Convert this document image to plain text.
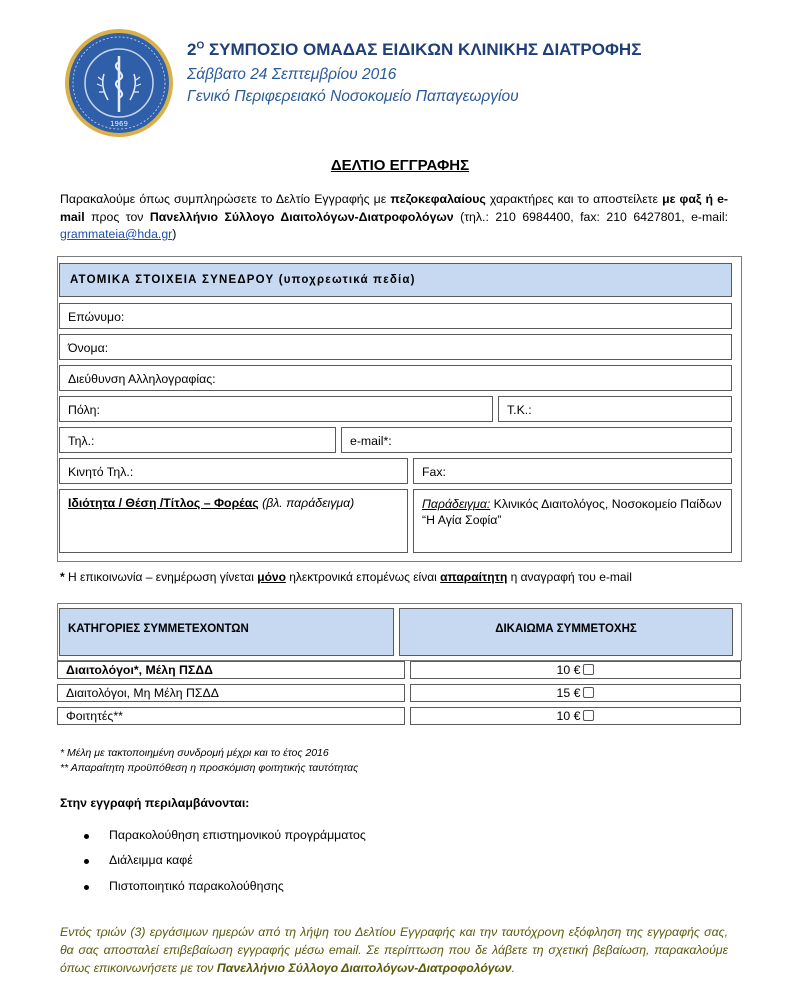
1969
$2^O$ ΣΥΜΠΟΣΙΟ ΟΜΑΔΑΣ ΕΙΔΙΚΩΝ ΚΛΙΝΙΚΗΣ ΔΙΑΤΡΟΦΗΣ
Σάββατο 24 Σεπτεμβρίου 2016
Γενικό Περιφερειακό Νοσοκομείο Παπαγεωργίου
ΔΕΛΤΙΟ ΕΓΓΡΑΦΗΣ
Παρακαλούμε όπως συμπληρώσετε το Δελτίο Εγγραφής με πεζοκεφαλαίους χαρακτήρες και το αποστείλετε με φαξ ή e-mail προς τον Πανελλήνιο Σύλλογο Διαιτολόγων-Διατροφολόγων (τηλ.: 210 6984400, fax: 210 6427801, e-mail: grammateia@hda.gr)
ΑΤΟΜΙΚΑ ΣΤΟΙΧΕΙΑ ΣΥΝΕΔΡΟΥ (υποχρεωτικά πεδία)
Επώνυμο:
Όνομα:
Διεύθυνση Αλληλογραφίας:
Πόλη:	Τ.Κ.:
Τηλ.:	e-mail*:
Κινητό Τηλ.:	Fax:
Ιδιότητα / Θέση /Τίτλος – Φορέας (βλ. παράδειγμα)	Παράδειγμα: Κλινικός Διαιτολόγος, Νοσοκομείο Παίδων “Η Αγία Σοφία”
* Η επικοινωνία – ενημέρωση γίνεται μόνο ηλεκτρονικά επομένως είναι απαραίτητη η αναγραφή του e-mail
ΚΑΤΗΓΟΡΙΕΣ ΣΥΜΜΕΤΕΧΟΝΤΩΝ	ΔΙΚΑΙΩΜΑ ΣΥΜΜΕΤΟΧΗΣ
Διαιτολόγοι*, Μέλη ΠΣΔΔ	10 €
Διαιτολόγοι, Μη Μέλη ΠΣΔΔ	15 €
Φοιτητές**	10 €
* Μέλη με τακτοποιημένη συνδρομή μέχρι και το έτος 2016
** Απαραίτητη προϋπόθεση η προσκόμιση φοιτητικής ταυτότητας
Στην εγγραφή περιλαμβάνονται:
Παρακολούθηση επιστημονικού προγράμματος
Διάλειμμα καφέ
Πιστοποιητικό παρακολούθησης
Εντός τριών (3) εργάσιμων ημερών από τη λήψη του Δελτίου Εγγραφής και την ταυτόχρονη εξόφληση της εγγραφής σας, θα σας αποσταλεί επιβεβαίωση εγγραφής μέσω email. Σε περίπτωση που δε λάβετε τη σχετική βεβαίωση, παρακαλούμε όπως επικοινωνήσετε με τον Πανελλήνιο Σύλλογο Διαιτολόγων-Διατροφολόγων.
